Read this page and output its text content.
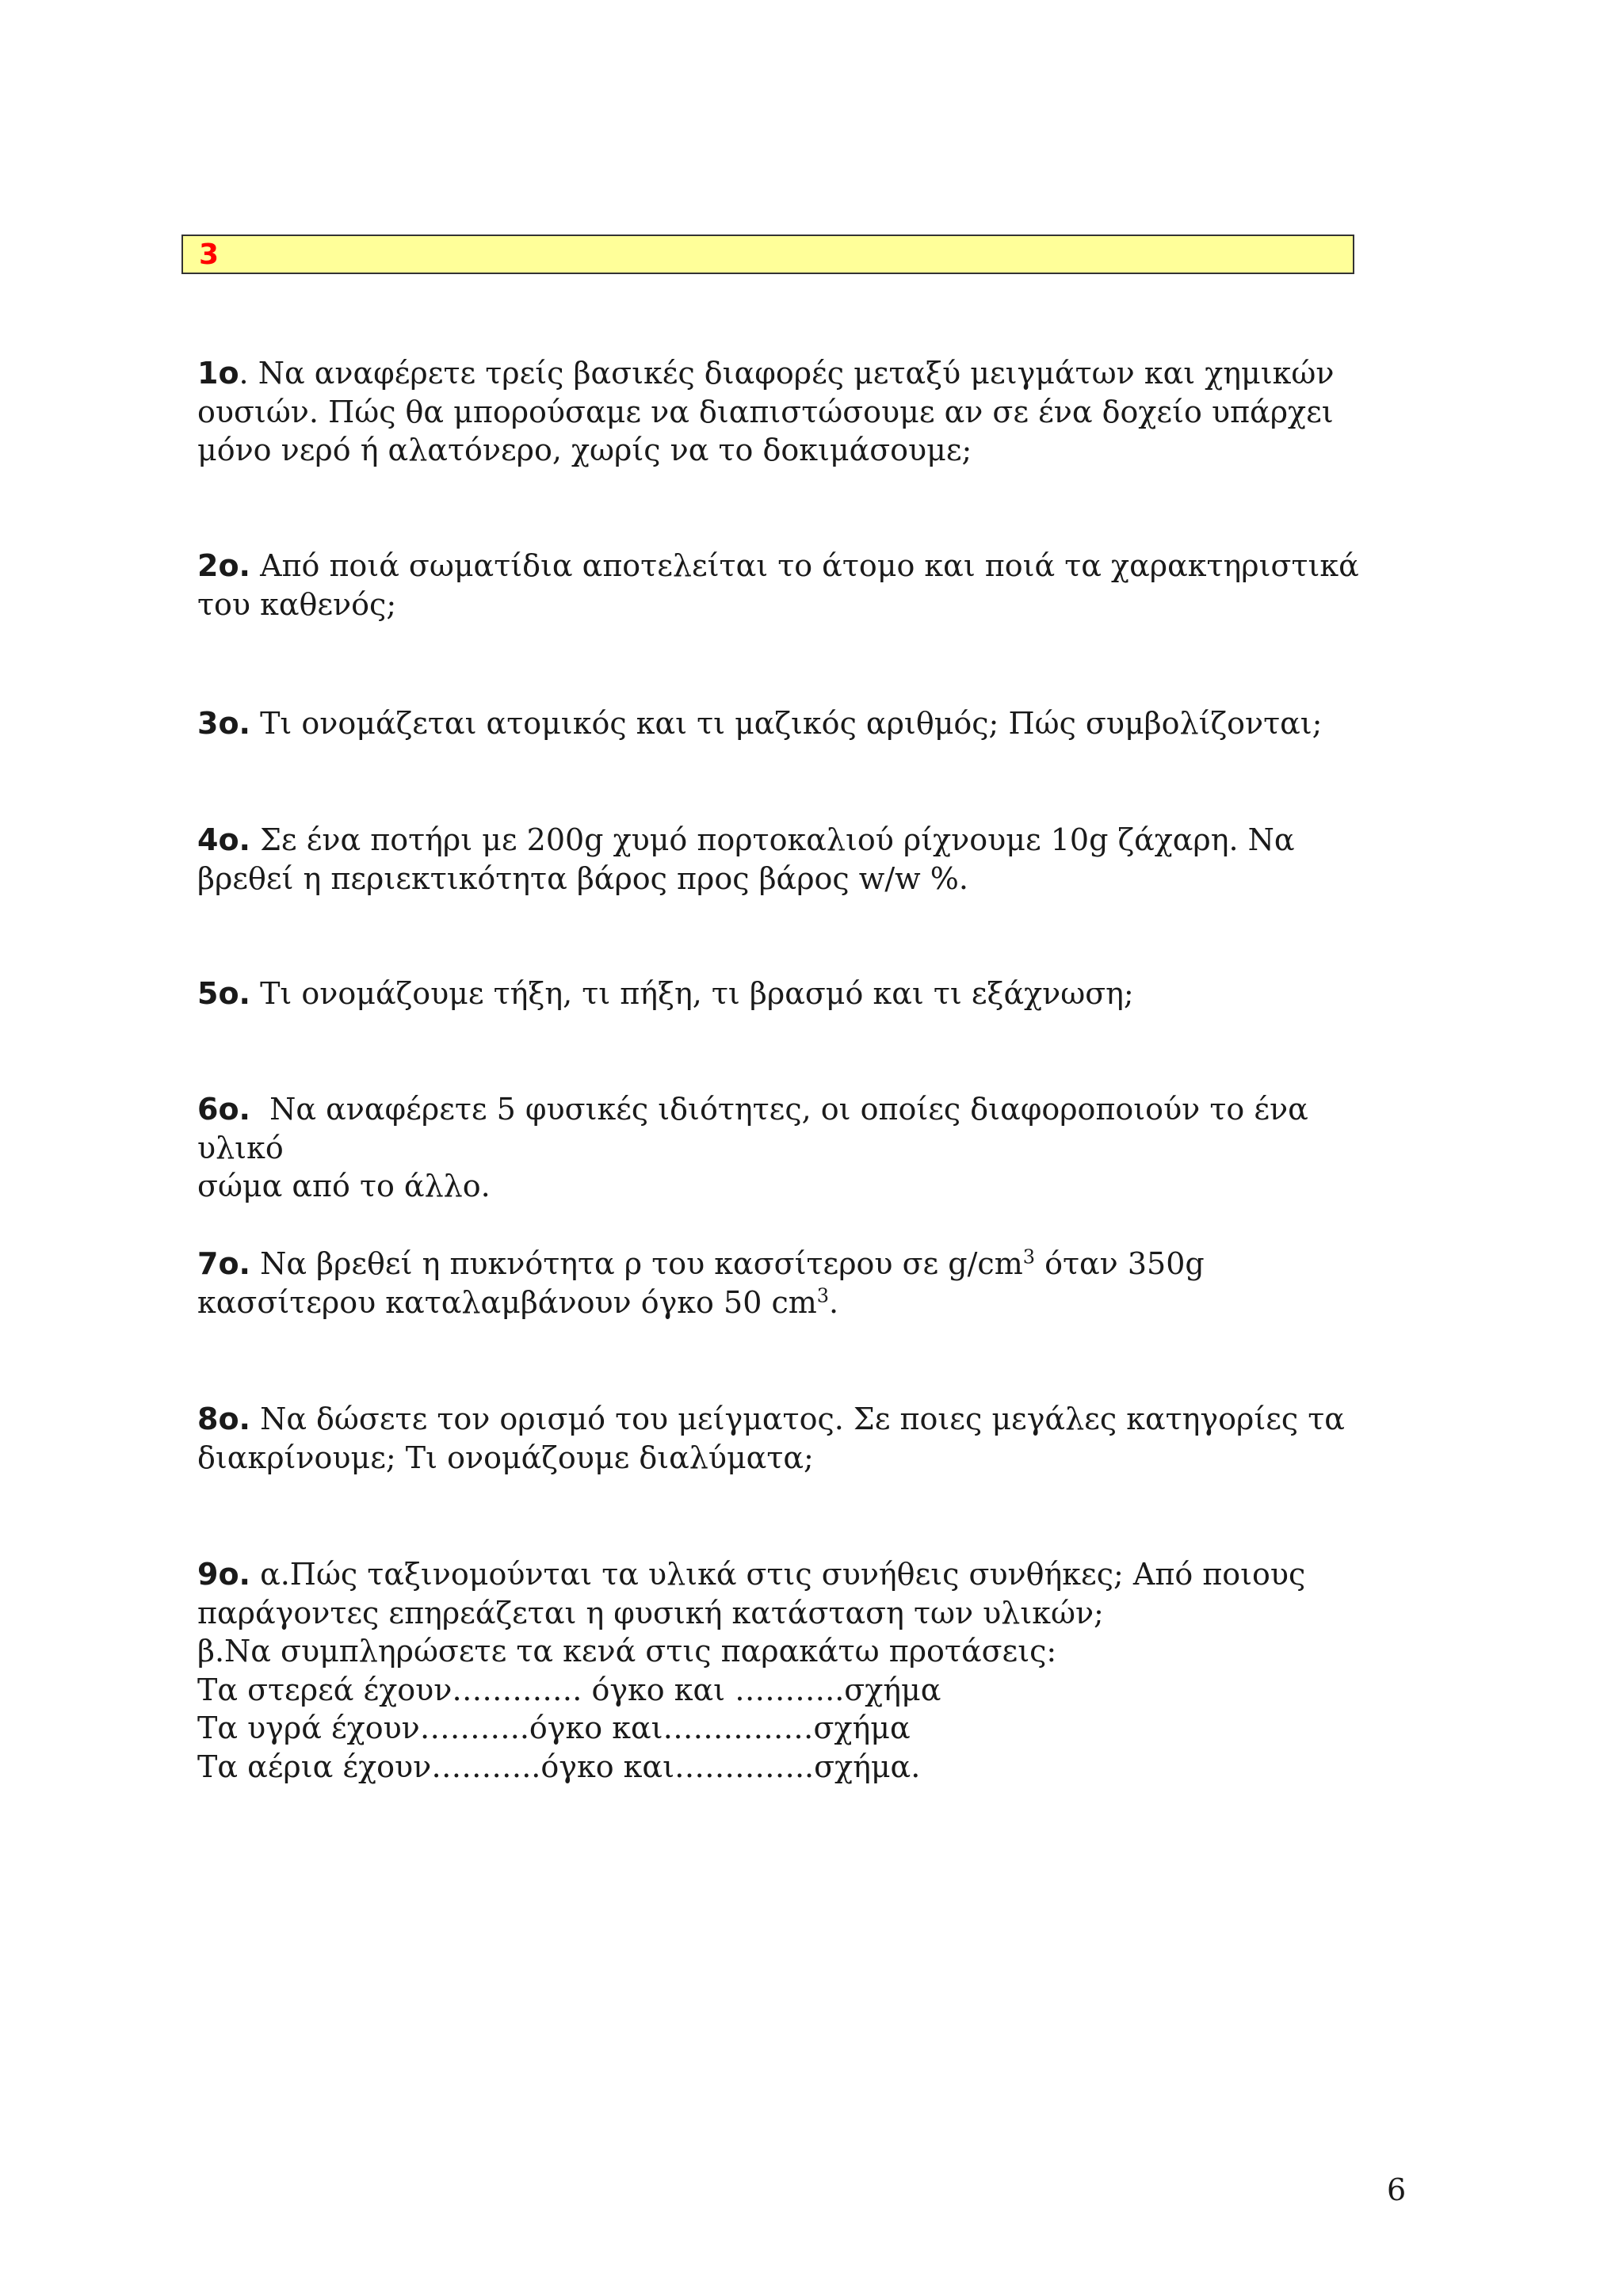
3

1ο. Να αναφέρετε τρείς βασικές διαφορές μεταξύ μειγμάτων και χημικών
ουσιών. Πώς θα μπορούσαμε να διαπιστώσουμε αν σε ένα δοχείο υπάρχει
μόνο νερό ή αλατόνερο, χωρίς να το δοκιμάσουμε;

2ο. Από ποιά σωματίδια αποτελείται το άτομο και ποιά τα χαρακτηριστικά
του καθενός;

3ο. Τι ονομάζεται ατομικός και τι μαζικός αριθμός; Πώς συμβολίζονται;

4ο. Σε ένα ποτήρι με 200g χυμό πορτοκαλιού ρίχνουμε 10g ζάχαρη. Να
βρεθεί η περιεκτικότητα βάρος προς βάρος w/w %.

5ο. Τι ονομάζουμε τήξη, τι πήξη, τι βρασμό και τι εξάχνωση;

6ο.  Να αναφέρετε 5 φυσικές ιδιότητες, οι οποίες διαφοροποιούν το ένα
υλικό
σώμα από το άλλο.

7ο. Να βρεθεί η πυκνότητα ρ του κασσίτερου σε $g/cm^3$ όταν 350g
κασσίτερου καταλαμβάνουν όγκο 50 $cm^3$.

8ο. Να δώσετε τον ορισμό του μείγματος. Σε ποιες μεγάλες κατηγορίες τα
διακρίνουμε; Τι ονομάζουμε διαλύματα;

9ο. α.Πώς ταξινομούνται τα υλικά στις συνήθεις συνθήκες; Από ποιους
παράγοντες επηρεάζεται η φυσική κατάσταση των υλικών;
β.Να συμπληρώσετε τα κενά στις παρακάτω προτάσεις:
Τα στερεά έχουν…………. όγκο και ………..σχήμα
Τα υγρά έχουν………..όγκο και……………σχήμα
Τα αέρια έχουν………..όγκο και…………..σχήμα.

6
